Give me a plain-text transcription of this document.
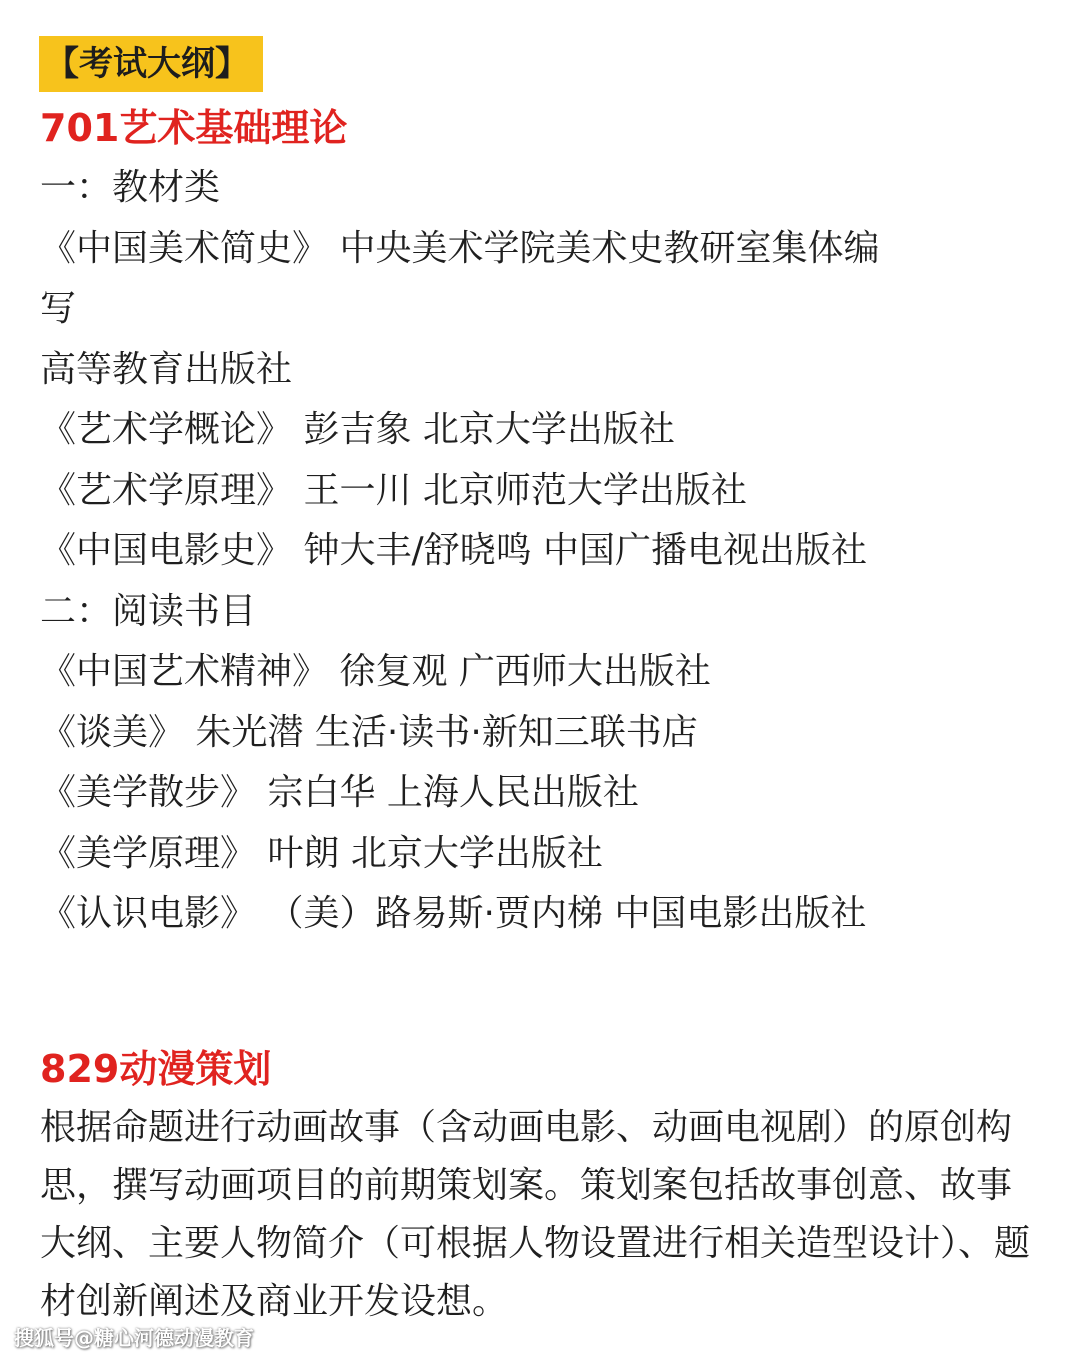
【考试大纲】
701艺术基础理论
一：教材类
《中国美术简史》 中央美术学院美术史教研室集体编
写
高等教育出版社
《艺术学概论》 彭吉象 北京大学出版社
《艺术学原理》 王一川 北京师范大学出版社
《中国电影史》 钟大丰/舒晓鸣 中国广播电视出版社
二：阅读书目
《中国艺术精神》 徐复观 广西师大出版社
《谈美》 朱光潜 生活·读书·新知三联书店
《美学散步》 宗白华 上海人民出版社
《美学原理》 叶朗 北京大学出版社
《认识电影》 （美）路易斯·贾内梯 中国电影出版社
829动漫策划
根据命题进行动画故事（含动画电影、动画电视剧）的原创构思，撰写动画项目的前期策划案。策划案包括故事创意、故事大纲、主要人物简介（可根据人物设置进行相关造型设计）、题材创新阐述及商业开发设想。
搜狐号@糖心河德动漫教育
